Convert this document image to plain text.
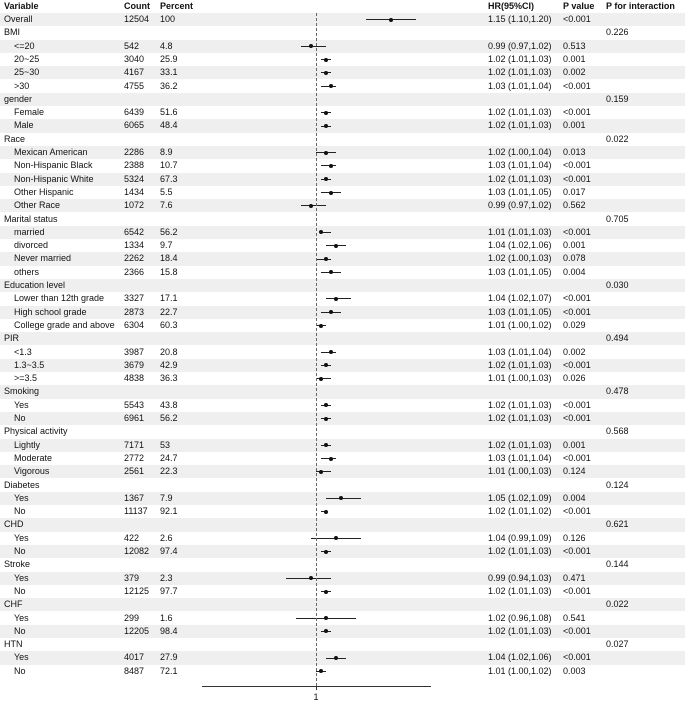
Variable	Count Percent	HR(95%CI)	P value P for interaction
Overall	12504 100	1.15 (1.10,1.20) <0.001
BMI	0.226
<=20	542 4.8	0.99 (0.97,1.02) 0.513
20~25	3040 25.9	1.02 (1.01,1.03) 0.001
25~30	4167 33.1	1.02 (1.01,1.03) 0.002
>30	4755 36.2	1.03 (1.01,1.04) <0.001
gender	0.159
Female	6439 51.6	1.02 (1.01,1.03) <0.001
Male	6065 48.4	1.02 (1.01,1.03) 0.001
Race	0.022
Mexican American	2286 8.9	1.02 (1.00,1.04) 0.013
Non-Hispanic Black	2388 10.7	1.03 (1.01,1.04) <0.001
Non-Hispanic White	5324 67.3	1.02 (1.01,1.03) <0.001
Other Hispanic	1434 5.5	1.03 (1.01,1.05) 0.017
Other Race	1072 7.6	0.99 (0.97,1.02) 0.562
Marital status	0.705
married	6542 56.2	1.01 (1.01,1.03) <0.001
divorced	1334 9.7	1.04 (1.02,1.06) 0.001
Never married	2262 18.4	1.02 (1.00,1.03) 0.078
others	2366 15.8	1.03 (1.01,1.05) 0.004
Education level	0.030
Lower than 12th grade 3327 17.1	1.04 (1.02,1.07) <0.001
High school grade	2873 22.7	1.03 (1.01,1.05) <0.001
College grade and above 6304 60.3	1.01 (1.00,1.02) 0.029
PIR	0.494
<1.3	3987 20.8	1.03 (1.01,1.04) 0.002
1.3~3.5	3679 42.9	1.02 (1.01,1.03) <0.001
>=3.5	4838 36.3	1.01 (1.00,1.03) 0.026
Smoking	0.478
Yes	5543 43.8	1.02 (1.01,1.03) <0.001
No	6961 56.2	1.02 (1.01,1.03) <0.001
Physical activity	0.568
Lightly	7171 53	1.02 (1.01,1.03) 0.001
Moderate	2772 24.7	1.03 (1.01,1.04) <0.001
Vigorous	2561 22.3	1.01 (1.00,1.03) 0.124
Diabetes	0.124
Yes	1367 7.9	1.05 (1.02,1.09) 0.004
No	11137 92.1	1.02 (1.01,1.02) <0.001
CHD	0.621
Yes	422 2.6	1.04 (0.99,1.09) 0.126
No	12082 97.4	1.02 (1.01,1.03) <0.001
Stroke	0.144
Yes	379 2.3	0.99 (0.94,1.03) 0.471
No	12125 97.7	1.02 (1.01,1.03) <0.001
CHF	0.022
Yes	299 1.6	1.02 (0.96,1.08) 0.541
No	12205 98.4	1.02 (1.01,1.03) <0.001
HTN	0.027
Yes	4017 27.9	1.04 (1.02,1.06) <0.001
No	8487 72.1	1.01 (1.00,1.02) 0.003
1
